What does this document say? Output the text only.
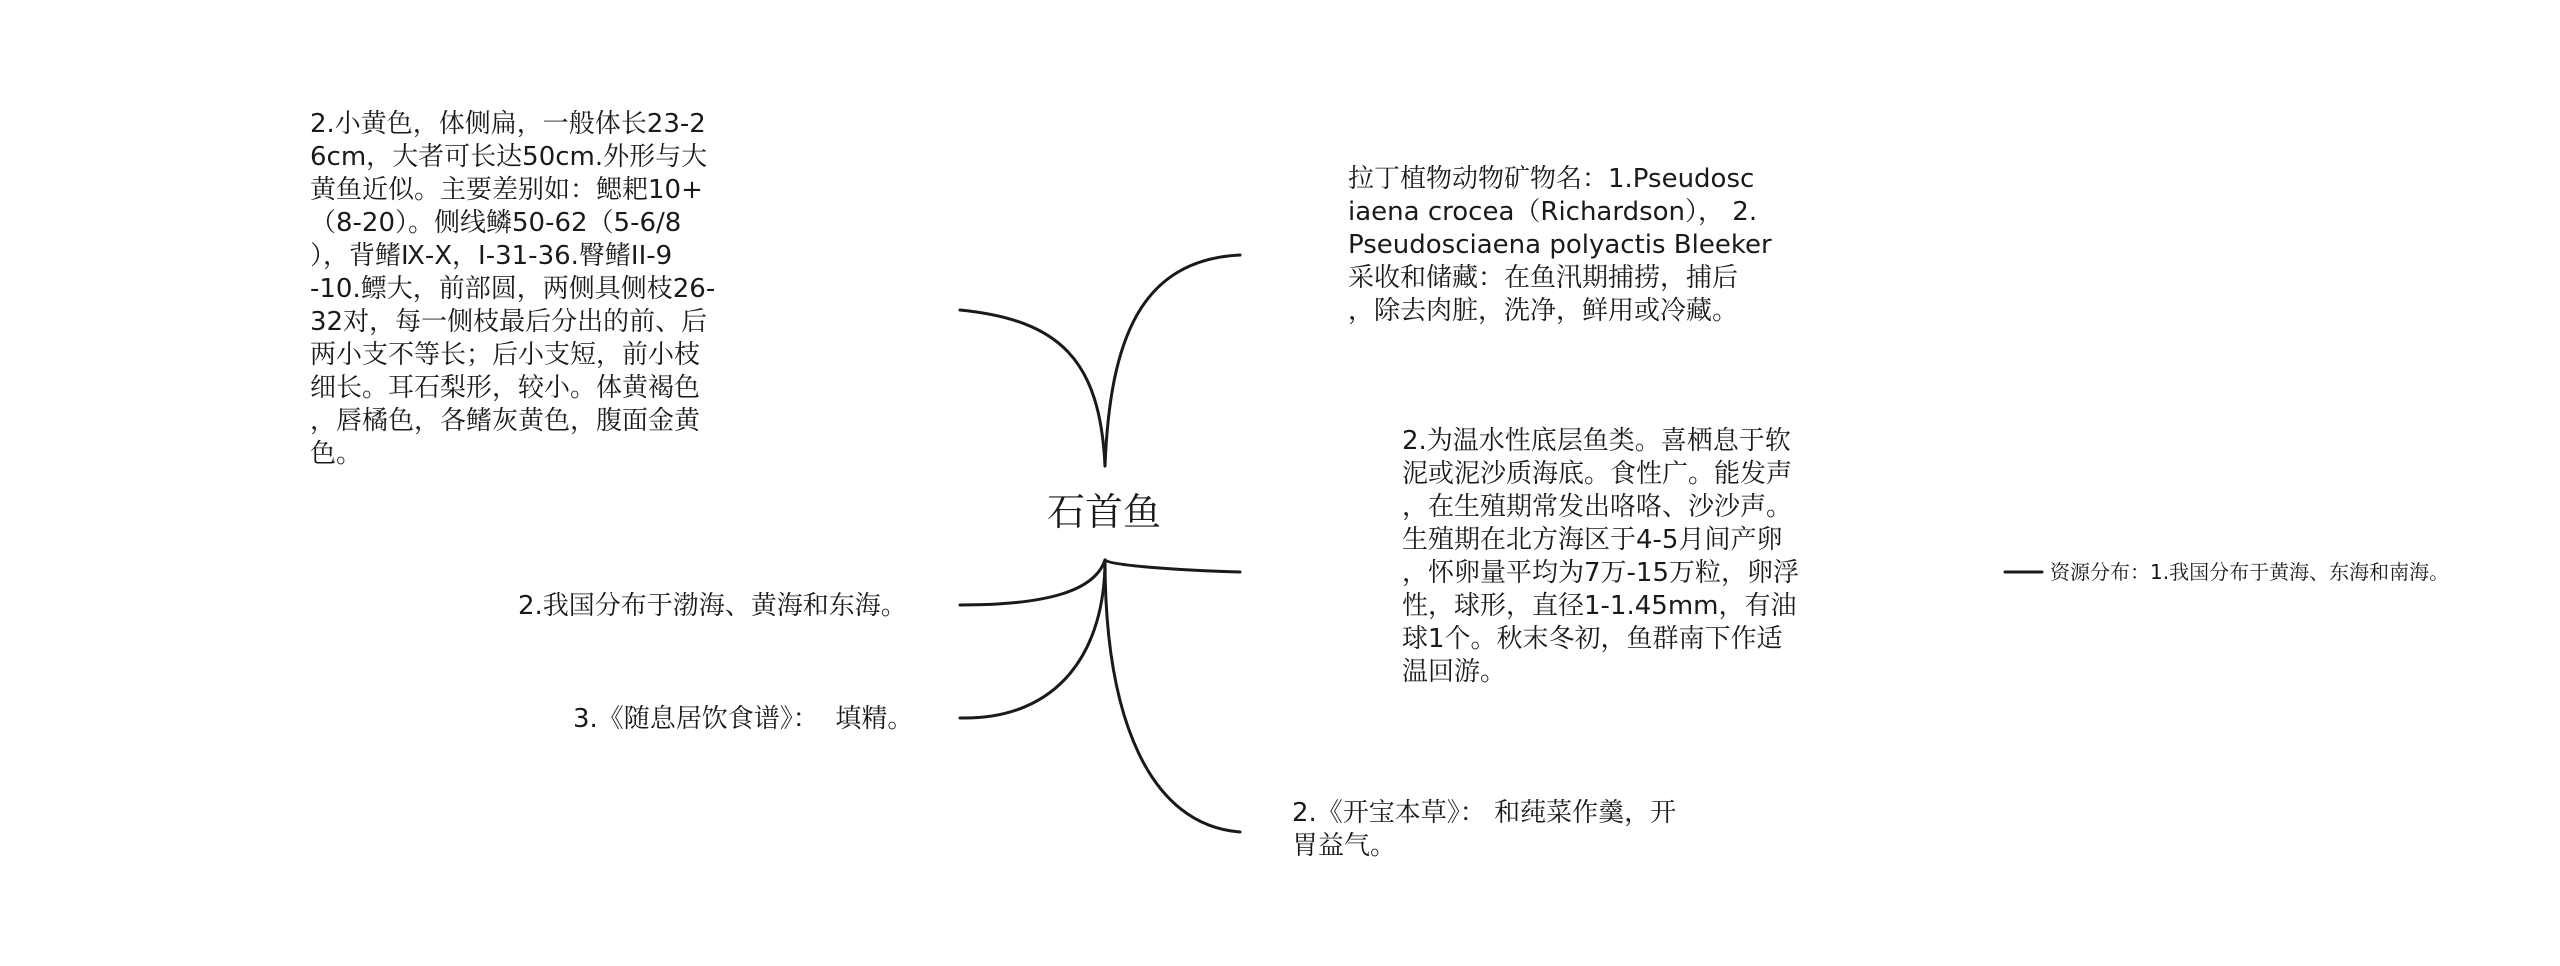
石首鱼
2.小黄色，体侧扁，一般体长23-2
6cm，大者可长达50cm.外形与大
黄鱼近似。主要差别如：鳃耙10+
（8-20）。侧线鳞50-62（5-6/8
），背鳍Ⅸ-Ⅹ，Ⅰ-31-36.臀鳍II-9
-10.鳔大，前部圆，两侧具侧枝26-
32对，每一侧枝最后分出的前、后
两小支不等长；后小支短，前小枝
细长。耳石梨形，较小。体黄褐色
，唇橘色，各鳍灰黄色，腹面金黄
色。
2.我国分布于渤海、黄海和东海。
3.《随息居饮食谱》：  填精。
拉丁植物动物矿物名：1.Pseudosc
iaena crocea（Richardson）， 2.
Pseudosciaena polyactis Bleeker
采收和储藏：在鱼汛期捕捞，捕后
，除去肉脏，洗净，鲜用或冷藏。
2.为温水性底层鱼类。喜栖息于软
泥或泥沙质海底。食性广。能发声
，在生殖期常发出咯咯、沙沙声。
生殖期在北方海区于4-5月间产卵
，怀卵量平均为7万-15万粒，卵浮
性，球形，直径1-1.45mm，有油
球1个。秋末冬初，鱼群南下作适
温回游。
2.《开宝本草》： 和莼菜作羹，开
胃益气。
资源分布：1.我国分布于黄海、东海和南海。
